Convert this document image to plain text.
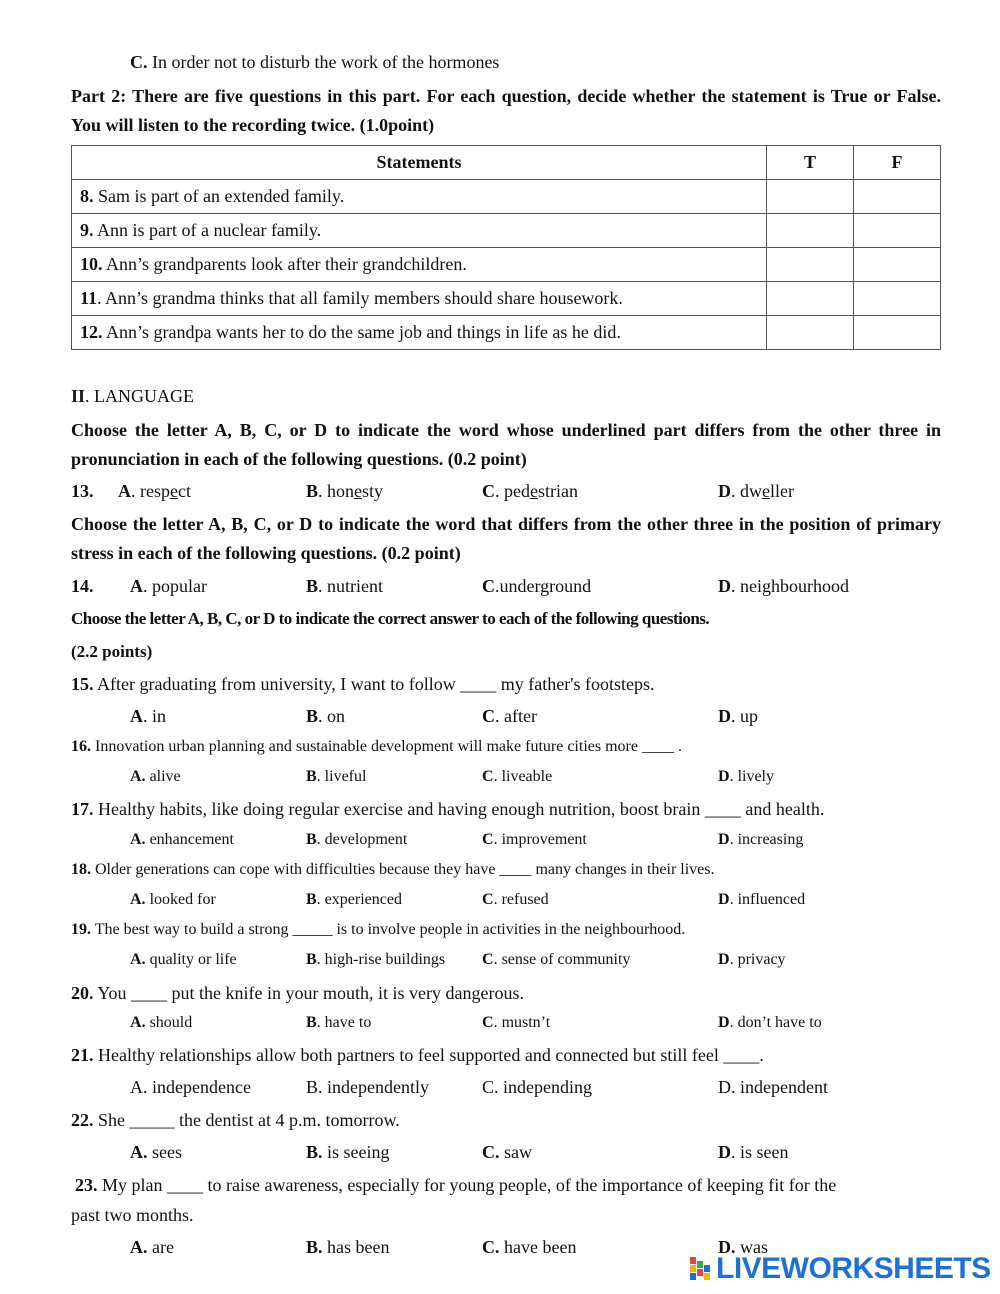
C. In order not to disturb the work of the hormones
Part 2: There are five questions in this part. For each question, decide whether the statement is True or False. You will listen to the recording twice. (1.0point)
Statements	T	F
8. Sam is part of an extended family.		
9. Ann is part of a nuclear family.		
10. Ann’s grandparents look after their grandchildren.		
11. Ann’s grandma thinks that all family members should share housework.		
12. Ann’s grandpa wants her to do the same job and things in life as he did.		
II. LANGUAGE
Choose the letter A, B, C, or D to indicate the word whose underlined part differs from the other three in pronunciation in each of the following questions. (0.2 point)
13. A. respect	B. honesty	C. pedestrian	D. dweller
Choose the letter A, B, C, or D to indicate the word that differs from the other three in the position of primary stress in each of the following questions. (0.2 point)
14. A. popular	B. nutrient	C.underground	D. neighbourhood
Choose the letter A, B, C, or D to indicate the correct answer to each of the following questions.
(2.2 points)
15. After graduating from university, I want to follow ____ my father's footsteps.
A. in	B. on	C. after	D. up
16. Innovation urban planning and sustainable development will make future cities more ____ .
A. alive	B. liveful	C. liveable	D. lively
17. Healthy habits, like doing regular exercise and having enough nutrition, boost brain ____ and health.
A. enhancement	B. development	C. improvement	D. increasing
18. Older generations can cope with difficulties because they have ____ many changes in their lives.
A. looked for	B. experienced	C. refused	D. influenced
19. The best way to build a strong _____ is to involve people in activities in the neighbourhood.
A. quality or life	B. high-rise buildings C. sense of community	D. privacy
20. You ____ put the knife in your mouth, it is very dangerous.
A. should	B. have to	C. mustn’t	D. don’t have to
21. Healthy relationships allow both partners to feel supported and connected but still feel ____.
A. independence	B. independently	C. independing	D. independent
22. She _____ the dentist at 4 p.m. tomorrow.
A. sees	B. is seeing	C. saw	D. is seen
23. My plan ____ to raise awareness, especially for young people, of the importance of keeping fit for the
past two months.
A. are	B. has been	C. have been	D. was
LIVEWORKSHEETS
